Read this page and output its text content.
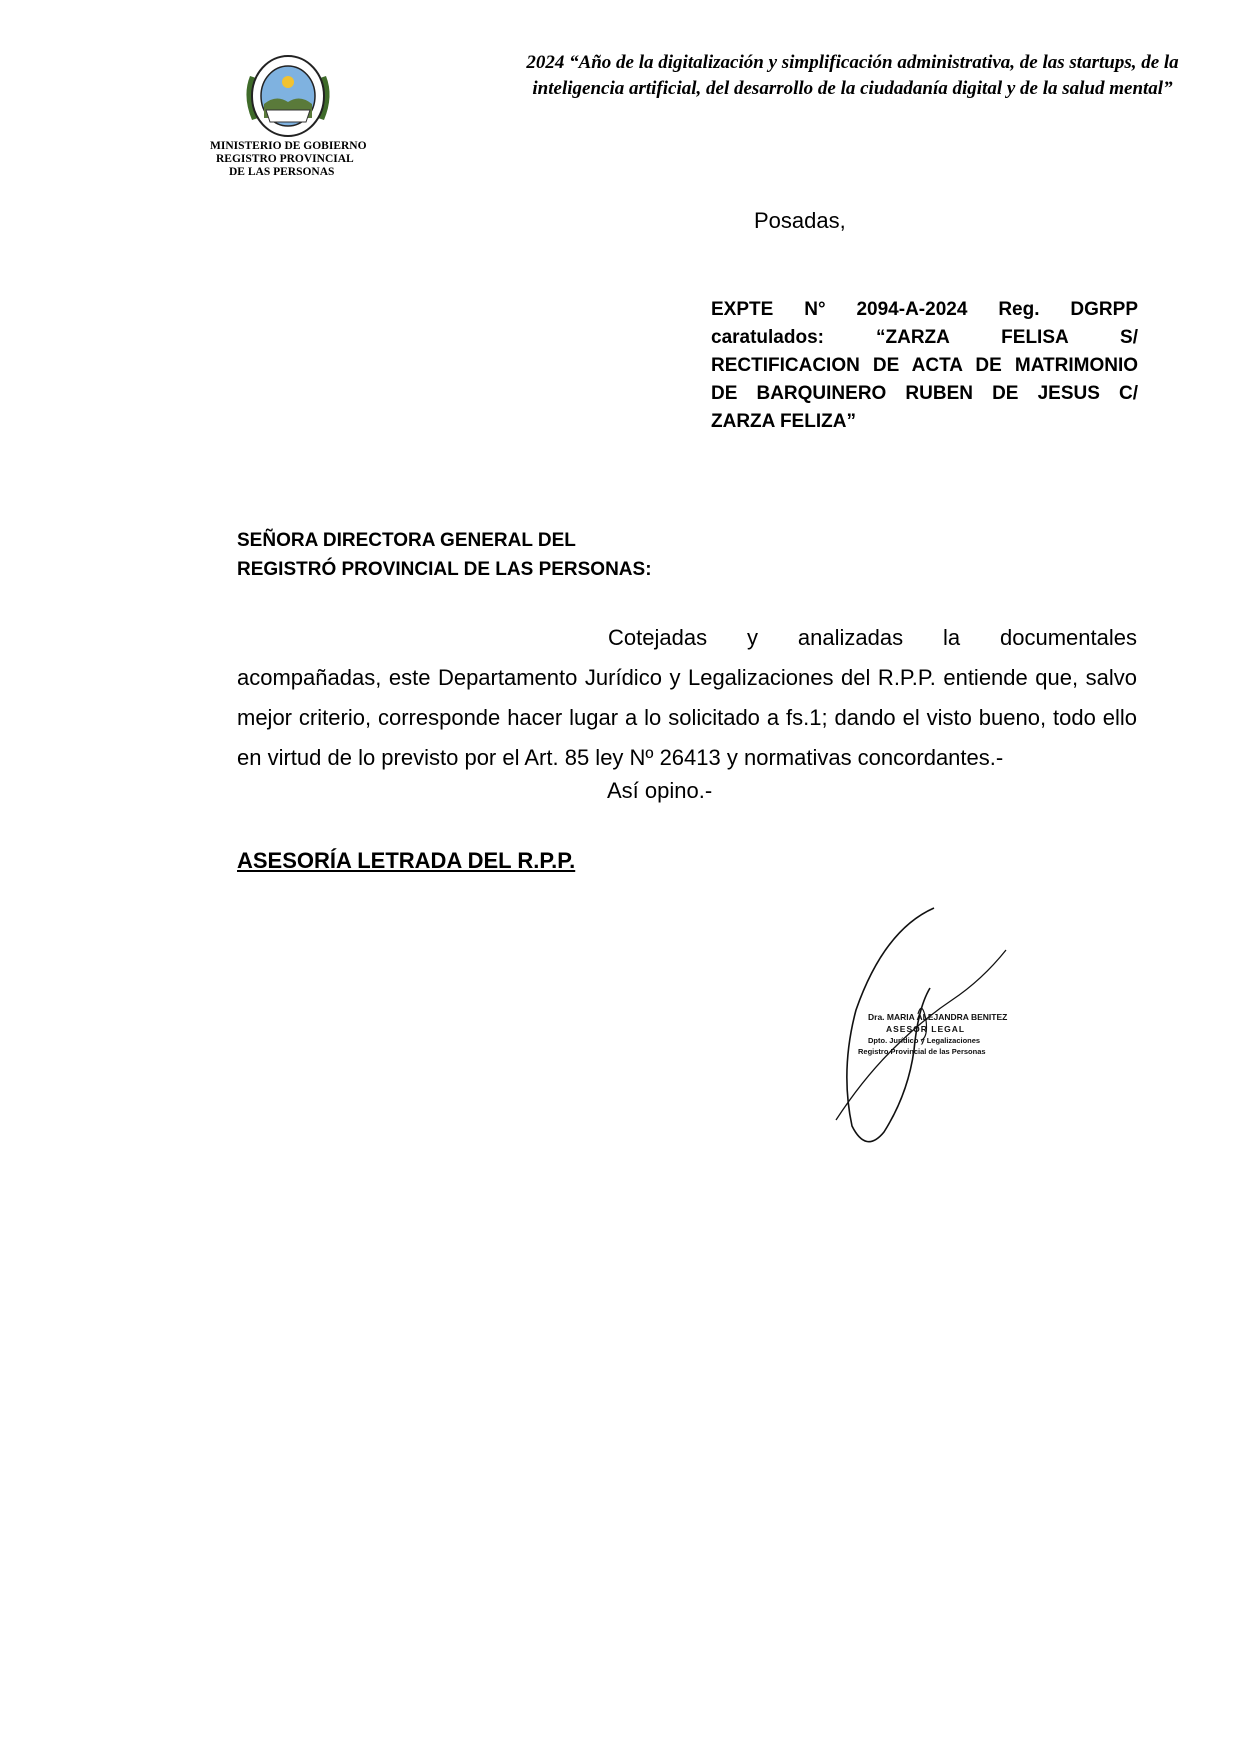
MINISTERIO DE GOBIERNO
REGISTRO PROVINCIAL
DE LAS PERSONAS
2024 “Año de la digitalización y simplificación administrativa, de las startups, de la inteligencia artificial, del desarrollo de la ciudadanía digital y de la salud mental”
Posadas,
EXPTE N° 2094-A-2024 Reg. DGRPP caratulados: “ZARZA FELISA S/ RECTIFICACION DE ACTA DE MATRIMONIO DE BARQUINERO RUBEN DE JESUS C/ ZARZA FELIZA”
SEÑORA DIRECTORA GENERAL DEL
REGISTRÓ PROVINCIAL DE LAS PERSONAS:
Cotejadas y analizadas la documentales acompañadas, este Departamento Jurídico y Legalizaciones del R.P.P. entiende que, salvo mejor criterio, corresponde hacer lugar a lo solicitado a fs.1; dando el visto bueno, todo ello en virtud de lo previsto por el Art. 85 ley Nº 26413 y normativas concordantes.-
Así opino.-
ASESORÍA LETRADA DEL R.P.P.
Dra. MARIA ALEJANDRA BENITEZ
ASESOR LEGAL
Dpto. Jurídico y Legalizaciones
Registro Provincial de las Personas
